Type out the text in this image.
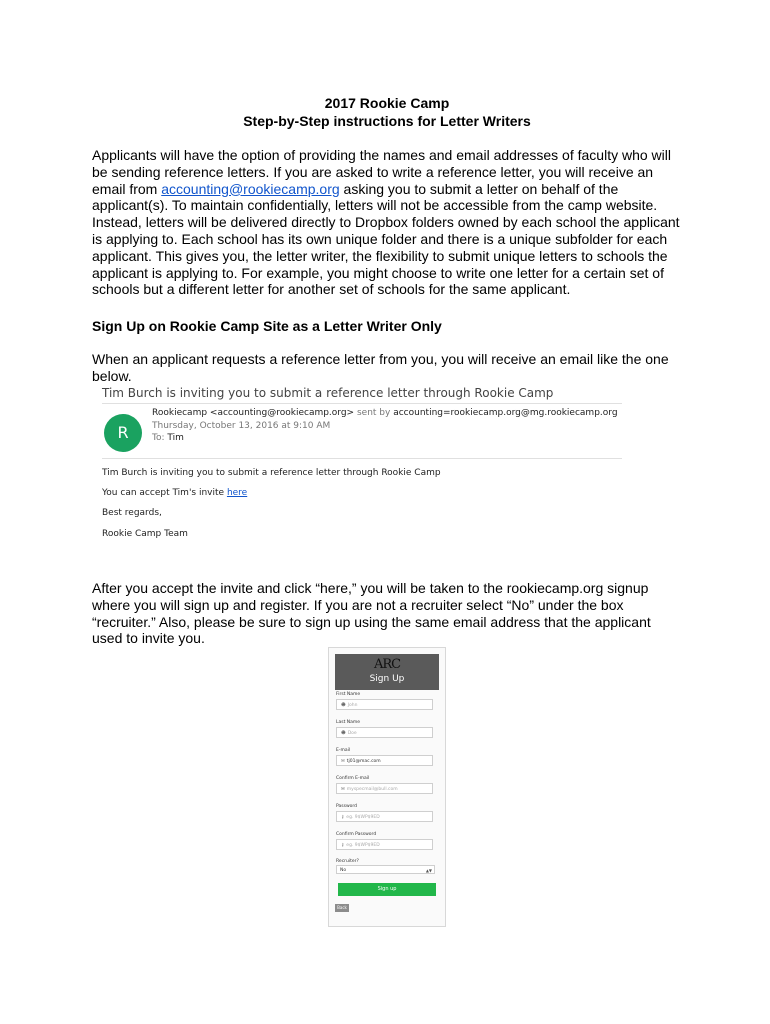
2017 Rookie Camp
Step-by-Step instructions for Letter Writers
Applicants will have the option of providing the names and email addresses of faculty who will be sending reference letters. If you are asked to write a reference letter, you will receive an email from accounting@rookiecamp.org asking you to submit a letter on behalf of the applicant(s). To maintain confidentially, letters will not be accessible from the camp website. Instead, letters will be delivered directly to Dropbox folders owned by each school the applicant is applying to. Each school has its own unique folder and there is a unique subfolder for each applicant. This gives you, the letter writer, the flexibility to submit unique letters to schools the applicant is applying to. For example, you might choose to write one letter for a certain set of schools but a different letter for another set of schools for the same applicant.
Sign Up on Rookie Camp Site as a Letter Writer Only
When an applicant requests a reference letter from you, you will receive an email like the one below.
Tim Burch is inviting you to submit a reference letter through Rookie Camp
R
Rookiecamp <accounting@rookiecamp.org> sent by accounting=rookiecamp.org@mg.rookiecamp.org
Thursday, October 13, 2016 at 9:10 AM
To: Tim
Tim Burch is inviting you to submit a reference letter through Rookie Camp
You can accept Tim's invite here
Best regards,
Rookie Camp Team
After you accept the invite and click “here,” you will be taken to the rookiecamp.org signup where you will sign up and register. If you are not a recruiter select “No” under the box “recruiter.” Also, please be sure to sign up using the same email address that the applicant used to invite you.
ARC
Sign Up
First Name
☻ John
Last Name
☻ Doe
E-mail
✉ tj01@mac.com
Confirm E-mail
✉ myspecmail@bull.com
Password
⚷ eg. 9$WP$9ED
Confirm Password
⚷ eg. 9$WP$9ED
Recruiter?
No	▲▼
Sign up
Back
